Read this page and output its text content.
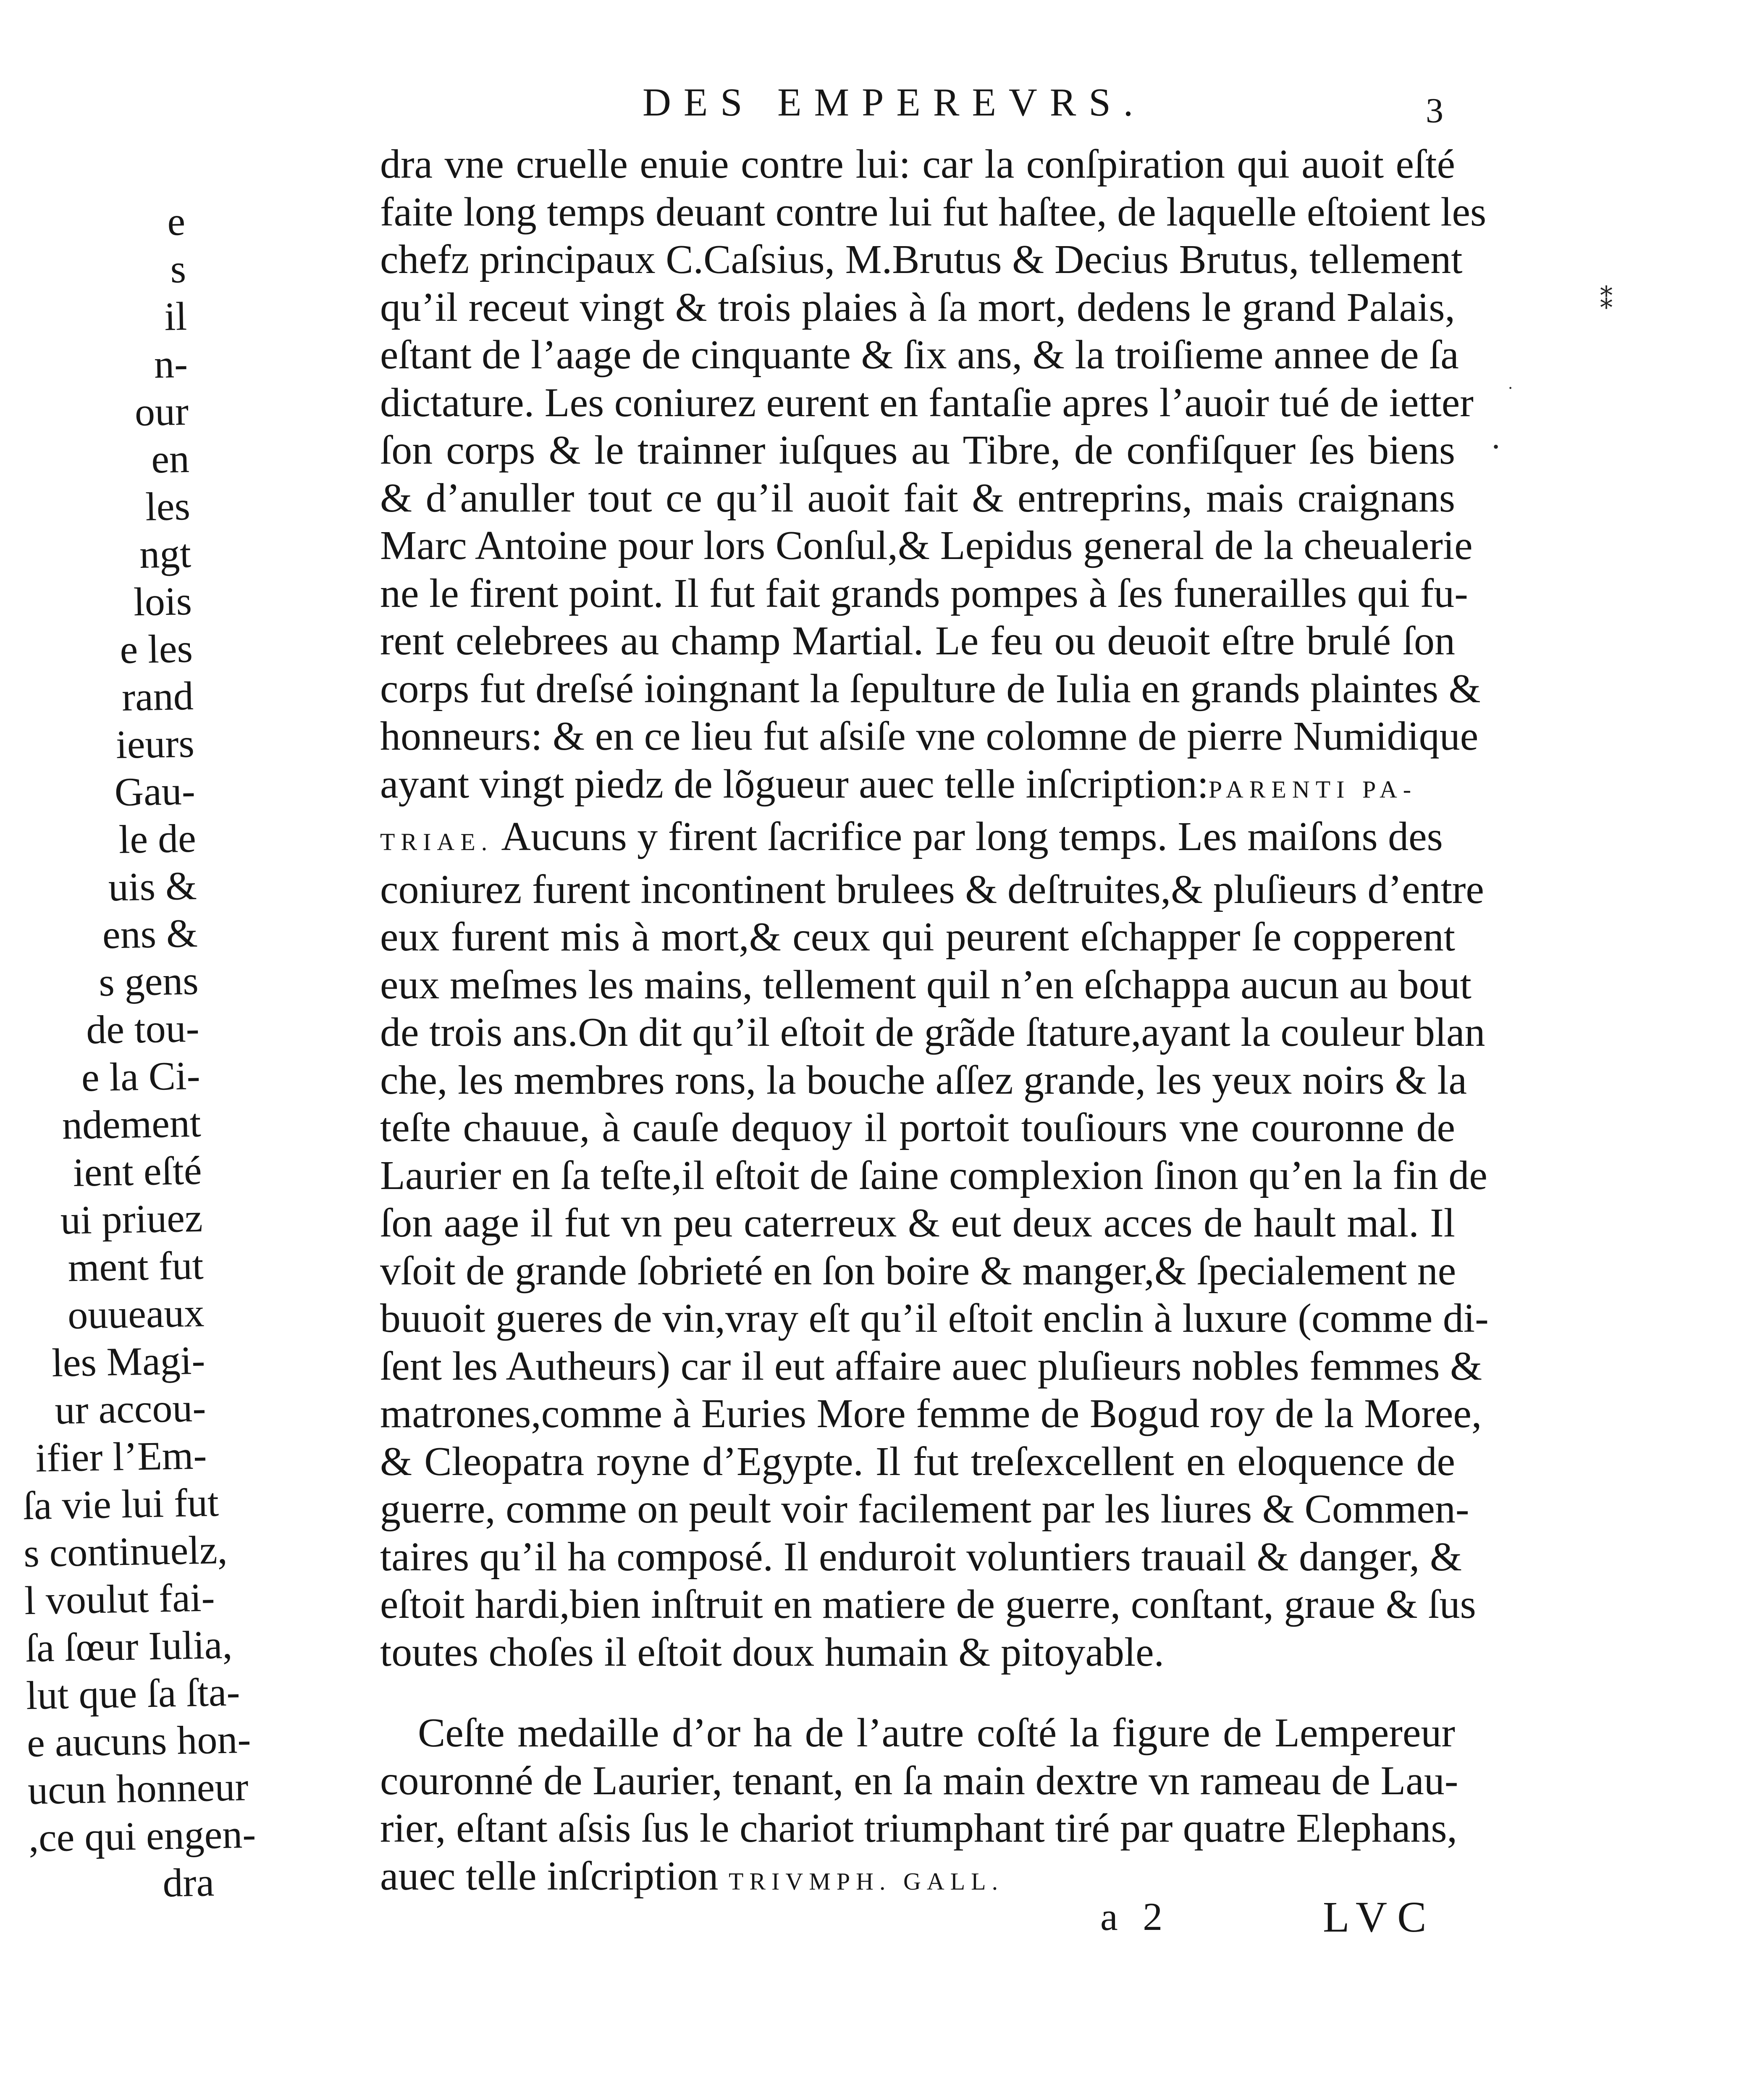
DES EMPEREVRS.	3
e
s
il
n-
our
en
les
ngt
lois
e les
rand
ieurs
Gau-
le de
uis &
ens &
s gens
de tou-
e la Ci-
ndement
ient eſté
ui priuez
ment fut
ouueaux
les Magi-
ur accou-
ifier l’Em-
ſa vie lui fut
s continuelz,
l voulut fai-
ſa ſœur Iulia,
lut que ſa ſta-
e aucuns hon-
ucun honneur
,ce qui engen-
dra
dra vne cruelle enuie contre lui: car la conſpiration qui auoit eſté
faite long temps deuant contre lui fut haſtee, de laquelle eſtoient les
chefz principaux C.Caſsius, M.Brutus & Decius Brutus, tellement
qu’il receut vingt & trois plaies à ſa mort, dedens le grand Palais,
eſtant de l’aage de cinquante & ſix ans, & la troiſieme annee de ſa
dictature. Les coniurez eurent en fantaſie apres l’auoir tué de ietter
ſon corps & le trainner iuſques au Tibre, de confiſquer ſes biens
& d’anuller tout ce qu’il auoit fait & entreprins, mais craignans
Marc Antoine pour lors Conſul,& Lepidus general de la cheualerie
ne le firent point. Il fut fait grands pompes à ſes funerailles qui fu-
rent celebrees au champ Martial. Le feu ou deuoit eſtre brulé ſon
corps fut dreſsé ioingnant la ſepulture de Iulia en grands plaintes &
honneurs: & en ce lieu fut aſsiſe vne colomne de pierre Numidique
ayant vingt piedz de lõgueur auec telle inſcription:PARENTI PA-
TRIAE. Aucuns y firent ſacrifice par long temps. Les maiſons des
coniurez furent incontinent brulees & deſtruites,& pluſieurs d’entre
eux furent mis à mort,& ceux qui peurent eſchapper ſe copperent
eux meſmes les mains, tellement quil n’en eſchappa aucun au bout
de trois ans.On dit qu’il eſtoit de grãde ſtature,ayant la couleur blan
che, les membres rons, la bouche aſſez grande, les yeux noirs & la
teſte chauue, à cauſe dequoy il portoit touſiours vne couronne de
Laurier en ſa teſte,il eſtoit de ſaine complexion ſinon qu’en la fin de
ſon aage il fut vn peu caterreux & eut deux acces de hault mal. Il
vſoit de grande ſobrieté en ſon boire & manger,& ſpecialement ne
buuoit gueres de vin,vray eſt qu’il eſtoit enclin à luxure (comme di-
ſent les Autheurs) car il eut affaire auec pluſieurs nobles femmes &
matrones,comme à Euries More femme de Bogud roy de la Moree,
& Cleopatra royne d’Egypte. Il fut treſexcellent en eloquence de
guerre, comme on peult voir facilement par les liures & Commen-
taires qu’il ha composé. Il enduroit voluntiers trauail & danger, &
eſtoit hardi,bien inſtruit en matiere de guerre, conſtant, graue & ſus
toutes choſes il eſtoit doux humain & pitoyable.
Ceſte medaille d’or ha de l’autre coſté la figure de Lempereur
couronné de Laurier, tenant, en ſa main dextre vn rameau de Lau-
rier, eſtant aſsis ſus le chariot triumphant tiré par quatre Elephans,
auec telle inſcription TRIVMPH. GALL.
a 2	LVC
⁑
·
•
